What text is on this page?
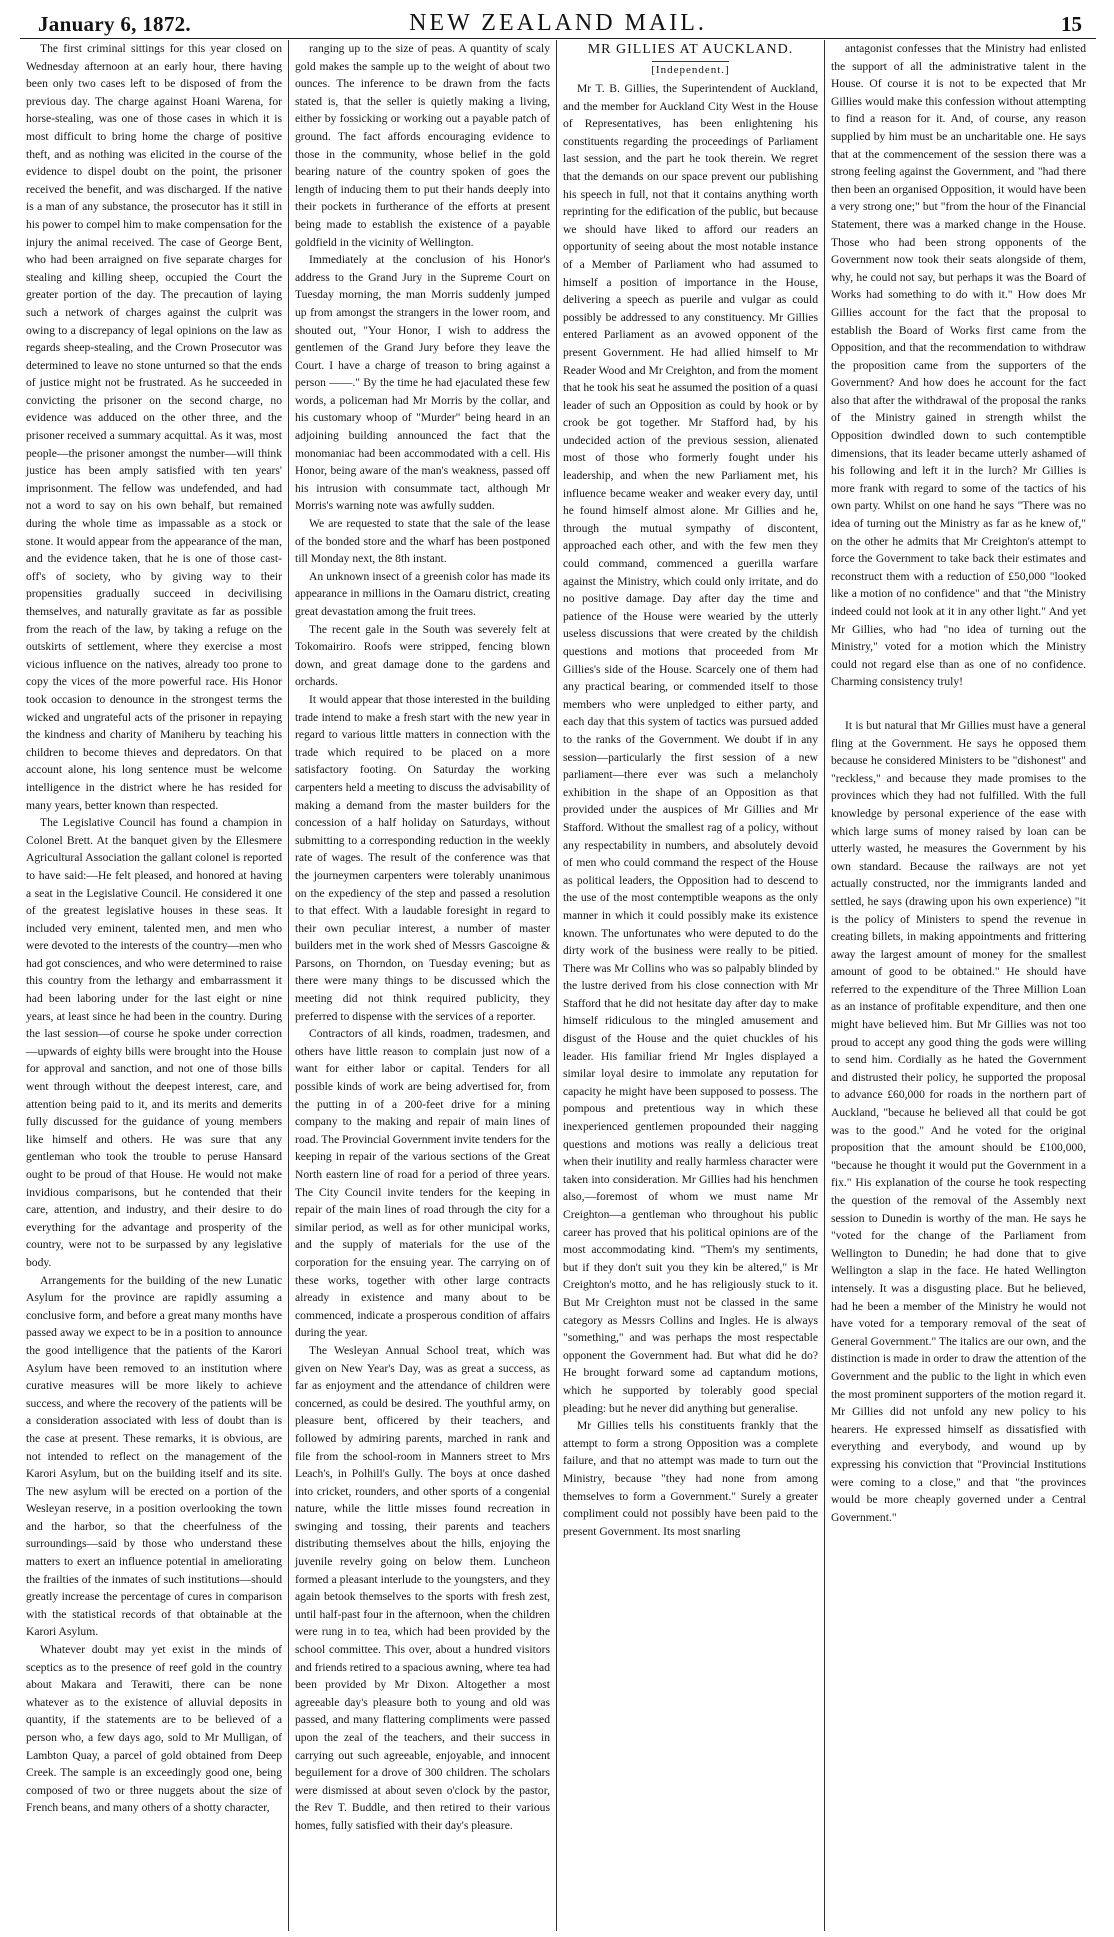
January 6, 1872.	NEW ZEALAND MAIL.	15

The first criminal sittings for this year closed on Wednesday afternoon at an early hour, there having been only two cases left to be disposed of from the previous day. The charge against Hoani Warena, for horse-stealing, was one of those cases in which it is most difficult to bring home the charge of positive theft, and as nothing was elicited in the course of the evidence to dispel doubt on the point, the prisoner received the benefit, and was discharged. If the native is a man of any substance, the prosecutor has it still in his power to compel him to make compensation for the injury the animal received. The case of George Bent, who had been arraigned on five separate charges for stealing and killing sheep, occupied the Court the greater portion of the day. The precaution of laying such a network of charges against the culprit was owing to a discrepancy of legal opinions on the law as regards sheep-stealing, and the Crown Prosecutor was determined to leave no stone unturned so that the ends of justice might not be frustrated. As he succeeded in convicting the prisoner on the second charge, no evidence was adduced on the other three, and the prisoner received a summary acquittal. As it was, most people—the prisoner amongst the number—will think justice has been amply satisfied with ten years' imprisonment. The fellow was undefended, and had not a word to say on his own behalf, but remained during the whole time as impassable as a stock or stone. It would appear from the appearance of the man, and the evidence taken, that he is one of those cast-off's of society, who by giving way to their propensities gradually succeed in decivilising themselves, and naturally gravitate as far as possible from the reach of the law, by taking a refuge on the outskirts of settlement, where they exercise a most vicious influence on the natives, already too prone to copy the vices of the more powerful race. His Honor took occasion to denounce in the strongest terms the wicked and ungrateful acts of the prisoner in repaying the kindness and charity of Maniheru by teaching his children to become thieves and depredators. On that account alone, his long sentence must be welcome intelligence in the district where he has resided for many years, better known than respected.

The Legislative Council has found a champion in Colonel Brett. At the banquet given by the Ellesmere Agricultural Association the gallant colonel is reported to have said:—He felt pleased, and honored at having a seat in the Legislative Council. He considered it one of the greatest legislative houses in these seas. It included very eminent, talented men, and men who were devoted to the interests of the country—men who had got consciences, and who were determined to raise this country from the lethargy and embarrassment it had been laboring under for the last eight or nine years, at least since he had been in the country. During the last session—of course he spoke under correction—upwards of eighty bills were brought into the House for approval and sanction, and not one of those bills went through without the deepest interest, care, and attention being paid to it, and its merits and demerits fully discussed for the guidance of young members like himself and others. He was sure that any gentleman who took the trouble to peruse Hansard ought to be proud of that House. He would not make invidious comparisons, but he contended that their care, attention, and industry, and their desire to do everything for the advantage and prosperity of the country, were not to be surpassed by any legislative body.

Arrangements for the building of the new Lunatic Asylum for the province are rapidly assuming a conclusive form, and before a great many months have passed away we expect to be in a position to announce the good intelligence that the patients of the Karori Asylum have been removed to an institution where curative measures will be more likely to achieve success, and where the recovery of the patients will be a consideration associated with less of doubt than is the case at present. These remarks, it is obvious, are not intended to reflect on the management of the Karori Asylum, but on the building itself and its site. The new asylum will be erected on a portion of the Wesleyan reserve, in a position overlooking the town and the harbor, so that the cheerfulness of the surroundings—said by those who understand these matters to exert an influence potential in ameliorating the frailties of the inmates of such institutions—should greatly increase the percentage of cures in comparison with the statistical records of that obtainable at the Karori Asylum.

Whatever doubt may yet exist in the minds of sceptics as to the presence of reef gold in the country about Makara and Terawiti, there can be none whatever as to the existence of alluvial deposits in quantity, if the statements are to be believed of a person who, a few days ago, sold to Mr Mulligan, of Lambton Quay, a parcel of gold obtained from Deep Creek. The sample is an exceedingly good one, being composed of two or three nuggets about the size of French beans, and many others of a shotty character,

ranging up to the size of peas. A quantity of scaly gold makes the sample up to the weight of about two ounces. The inference to be drawn from the facts stated is, that the seller is quietly making a living, either by fossicking or working out a payable patch of ground. The fact affords encouraging evidence to those in the community, whose belief in the gold bearing nature of the country spoken of goes the length of inducing them to put their hands deeply into their pockets in furtherance of the efforts at present being made to establish the existence of a payable goldfield in the vicinity of Wellington.

Immediately at the conclusion of his Honor's address to the Grand Jury in the Supreme Court on Tuesday morning, the man Morris suddenly jumped up from amongst the strangers in the lower room, and shouted out, "Your Honor, I wish to address the gentlemen of the Grand Jury before they leave the Court. I have a charge of treason to bring against a person ——." By the time he had ejaculated these few words, a policeman had Mr Morris by the collar, and his customary whoop of "Murder" being heard in an adjoining building announced the fact that the monomaniac had been accommodated with a cell. His Honor, being aware of the man's weakness, passed off his intrusion with consummate tact, although Mr Morris's warning note was awfully sudden.

We are requested to state that the sale of the lease of the bonded store and the wharf has been postponed till Monday next, the 8th instant.

An unknown insect of a greenish color has made its appearance in millions in the Oamaru district, creating great devastation among the fruit trees.

The recent gale in the South was severely felt at Tokomairiro. Roofs were stripped, fencing blown down, and great damage done to the gardens and orchards.

It would appear that those interested in the building trade intend to make a fresh start with the new year in regard to various little matters in connection with the trade which required to be placed on a more satisfactory footing. On Saturday the working carpenters held a meeting to discuss the advisability of making a demand from the master builders for the concession of a half holiday on Saturdays, without submitting to a corresponding reduction in the weekly rate of wages. The result of the conference was that the journeymen carpenters were tolerably unanimous on the expediency of the step and passed a resolution to that effect. With a laudable foresight in regard to their own peculiar interest, a number of master builders met in the work shed of Messrs Gascoigne & Parsons, on Thorndon, on Tuesday evening; but as there were many things to be discussed which the meeting did not think required publicity, they preferred to dispense with the services of a reporter.

Contractors of all kinds, roadmen, tradesmen, and others have little reason to complain just now of a want for either labor or capital. Tenders for all possible kinds of work are being advertised for, from the putting in of a 200-feet drive for a mining company to the making and repair of main lines of road. The Provincial Government invite tenders for the keeping in repair of the various sections of the Great North eastern line of road for a period of three years. The City Council invite tenders for the keeping in repair of the main lines of road through the city for a similar period, as well as for other municipal works, and the supply of materials for the use of the corporation for the ensuing year. The carrying on of these works, together with other large contracts already in existence and many about to be commenced, indicate a prosperous condition of affairs during the year.

The Wesleyan Annual School treat, which was given on New Year's Day, was as great a success, as far as enjoyment and the attendance of children were concerned, as could be desired. The youthful army, on pleasure bent, officered by their teachers, and followed by admiring parents, marched in rank and file from the school-room in Manners street to Mrs Leach's, in Polhill's Gully. The boys at once dashed into cricket, rounders, and other sports of a congenial nature, while the little misses found recreation in swinging and tossing, their parents and teachers distributing themselves about the hills, enjoying the juvenile revelry going on below them. Luncheon formed a pleasant interlude to the youngsters, and they again betook themselves to the sports with fresh zest, until half-past four in the afternoon, when the children were rung in to tea, which had been provided by the school committee. This over, about a hundred visitors and friends retired to a spacious awning, where tea had been provided by Mr Dixon. Altogether a most agreeable day's pleasure both to young and old was passed, and many flattering compliments were passed upon the zeal of the teachers, and their success in carrying out such agreeable, enjoyable, and innocent beguilement for a drove of 300 children. The scholars were dismissed at about seven o'clock by the pastor, the Rev T. Buddle, and then retired to their various homes, fully satisfied with their day's pleasure.

MR GILLIES AT AUCKLAND.
[Independent.]

Mr T. B. Gillies, the Superintendent of Auckland, and the member for Auckland City West in the House of Representatives, has been enlightening his constituents regarding the proceedings of Parliament last session, and the part he took therein. We regret that the demands on our space prevent our publishing his speech in full, not that it contains anything worth reprinting for the edification of the public, but because we should have liked to afford our readers an opportunity of seeing about the most notable instance of a Member of Parliament who had assumed to himself a position of importance in the House, delivering a speech as puerile and vulgar as could possibly be addressed to any constituency. Mr Gillies entered Parliament as an avowed opponent of the present Government. He had allied himself to Mr Reader Wood and Mr Creighton, and from the moment that he took his seat he assumed the position of a quasi leader of such an Opposition as could by hook or by crook be got together. Mr Stafford had, by his undecided action of the previous session, alienated most of those who formerly fought under his leadership, and when the new Parliament met, his influence became weaker and weaker every day, until he found himself almost alone. Mr Gillies and he, through the mutual sympathy of discontent, approached each other, and with the few men they could command, commenced a guerilla warfare against the Ministry, which could only irritate, and do no positive damage. Day after day the time and patience of the House were wearied by the utterly useless discussions that were created by the childish questions and motions that proceeded from Mr Gillies's side of the House. Scarcely one of them had any practical bearing, or commended itself to those members who were unpledged to either party, and each day that this system of tactics was pursued added to the ranks of the Government. We doubt if in any session—particularly the first session of a new parliament—there ever was such a melancholy exhibition in the shape of an Opposition as that provided under the auspices of Mr Gillies and Mr Stafford. Without the smallest rag of a policy, without any respectability in numbers, and absolutely devoid of men who could command the respect of the House as political leaders, the Opposition had to descend to the use of the most contemptible weapons as the only manner in which it could possibly make its existence known. The unfortunates who were deputed to do the dirty work of the business were really to be pitied. There was Mr Collins who was so palpably blinded by the lustre derived from his close connection with Mr Stafford that he did not hesitate day after day to make himself ridiculous to the mingled amusement and disgust of the House and the quiet chuckles of his leader. His familiar friend Mr Ingles displayed a similar loyal desire to immolate any reputation for capacity he might have been supposed to possess. The pompous and pretentious way in which these inexperienced gentlemen propounded their nagging questions and motions was really a delicious treat when their inutility and really harmless character were taken into consideration. Mr Gillies had his henchmen also,—foremost of whom we must name Mr Creighton—a gentleman who throughout his public career has proved that his political opinions are of the most accommodating kind. "Them's my sentiments, but if they don't suit you they kin be altered," is Mr Creighton's motto, and he has religiously stuck to it. But Mr Creighton must not be classed in the same category as Messrs Collins and Ingles. He is always "something," and was perhaps the most respectable opponent the Government had. But what did he do? He brought forward some ad captandum motions, which he supported by tolerably good special pleading: but he never did anything but generalise.

Mr Gillies tells his constituents frankly that the attempt to form a strong Opposition was a complete failure, and that no attempt was made to turn out the Ministry, because "they had none from among themselves to form a Government." Surely a greater compliment could not possibly have been paid to the present Government. Its most snarling

antagonist confesses that the Ministry had enlisted the support of all the administrative talent in the House. Of course it is not to be expected that Mr Gillies would make this confession without attempting to find a reason for it. And, of course, any reason supplied by him must be an uncharitable one. He says that at the commencement of the session there was a strong feeling against the Government, and "had there then been an organised Opposition, it would have been a very strong one;" but "from the hour of the Financial Statement, there was a marked change in the House. Those who had been strong opponents of the Government now took their seats alongside of them, why, he could not say, but perhaps it was the Board of Works had something to do with it." How does Mr Gillies account for the fact that the proposal to establish the Board of Works first came from the Opposition, and that the recommendation to withdraw the proposition came from the supporters of the Government? And how does he account for the fact also that after the withdrawal of the proposal the ranks of the Ministry gained in strength whilst the Opposition dwindled down to such contemptible dimensions, that its leader became utterly ashamed of his following and left it in the lurch? Mr Gillies is more frank with regard to some of the tactics of his own party. Whilst on one hand he says "There was no idea of turning out the Ministry as far as he knew of," on the other he admits that Mr Creighton's attempt to force the Government to take back their estimates and reconstruct them with a reduction of £50,000 "looked like a motion of no confidence" and that "the Ministry indeed could not look at it in any other light." And yet Mr Gillies, who had "no idea of turning out the Ministry," voted for a motion which the Ministry could not regard else than as one of no confidence. Charming consistency truly!

It is but natural that Mr Gillies must have a general fling at the Government. He says he opposed them because he considered Ministers to be "dishonest" and "reckless," and because they made promises to the provinces which they had not fulfilled. With the full knowledge by personal experience of the ease with which large sums of money raised by loan can be utterly wasted, he measures the Government by his own standard. Because the railways are not yet actually constructed, nor the immigrants landed and settled, he says (drawing upon his own experience) "it is the policy of Ministers to spend the revenue in creating billets, in making appointments and frittering away the largest amount of money for the smallest amount of good to be obtained." He should have referred to the expenditure of the Three Million Loan as an instance of profitable expenditure, and then one might have believed him. But Mr Gillies was not too proud to accept any good thing the gods were willing to send him. Cordially as he hated the Government and distrusted their policy, he supported the proposal to advance £60,000 for roads in the northern part of Auckland, "because he believed all that could be got was to the good." And he voted for the original proposition that the amount should be £100,000, "because he thought it would put the Government in a fix." His explanation of the course he took respecting the question of the removal of the Assembly next session to Dunedin is worthy of the man. He says he "voted for the change of the Parliament from Wellington to Dunedin; he had done that to give Wellington a slap in the face. He hated Wellington intensely. It was a disgusting place. But he believed, had he been a member of the Ministry he would not have voted for a temporary removal of the seat of General Government." The italics are our own, and the distinction is made in order to draw the attention of the Government and the public to the light in which even the most prominent supporters of the motion regard it. Mr Gillies did not unfold any new policy to his hearers. He expressed himself as dissatisfied with everything and everybody, and wound up by expressing his conviction that "Provincial Institutions were coming to a close," and that "the provinces would be more cheaply governed under a Central Government."
